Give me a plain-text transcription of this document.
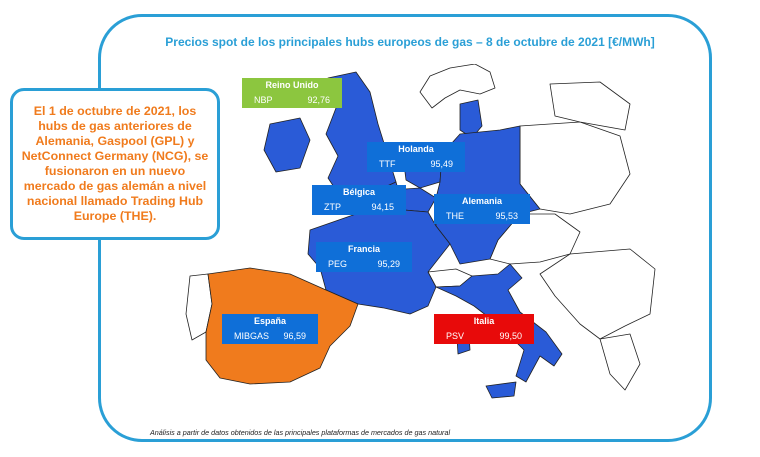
Precios spot de los principales hubs europeos de gas – 8 de octubre de 2021 [€/MWh]
El 1 de octubre de 2021, los hubs de gas anteriores de Alemania, Gaspool (GPL) y NetConnect Germany (NCG), se fusionaron en un nuevo mercado de gas alemán a nivel nacional llamado Trading Hub Europe (THE).
Reino Unido
NBP	92,76
Holanda
TTF	95,49
Bélgica
ZTP	94,15
Alemania
THE	95,53
Francia
PEG	95,29
España
MIBGAS 96,59
Italia
PSV	99,50
Análisis a partir de datos obtenidos de las principales plataformas de mercados de gas natural
